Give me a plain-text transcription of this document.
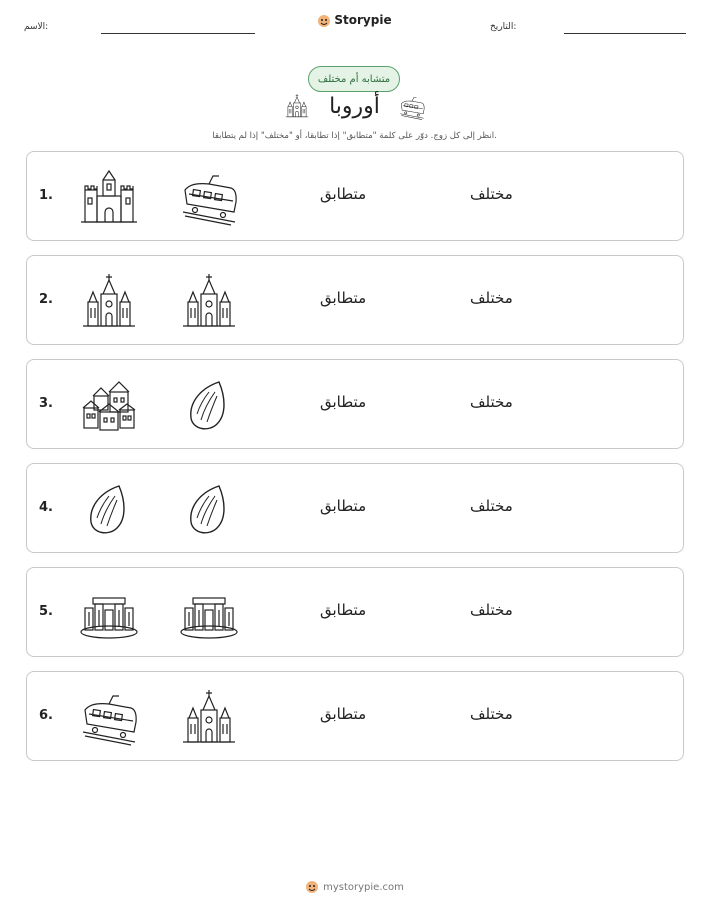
الاسم:	Storypie	التاريخ:
متشابه أم مختلف
أوروبا
انظر إلى كل زوج. دوّر على كلمة "متطابق" إذا تطابقا، أو "مختلف" إذا لم يتطابقا.
1.	متطابق	مختلف
2.	متطابق	مختلف
3.	متطابق	مختلف
4.	متطابق	مختلف
5.	متطابق	مختلف
6.	متطابق	مختلف
mystorypie.com
